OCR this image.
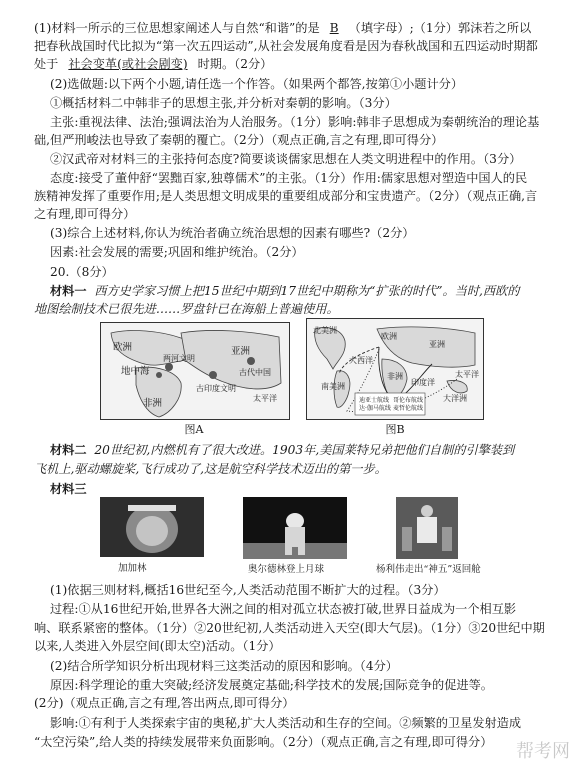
(1)材料一所示的三位思想家阐述人与自然“和谐”的是 B （填字母）;（1分）郭沫若之所以
把春秋战国时代比拟为“第一次五四运动”,从社会发展角度看是因为春秋战国和五四运动时期都
处于 社会变革(或社会剧变) 时期。（2分）
(2)选做题:以下两个小题,请任选一个作答。（如果两个都答,按第①小题计分）
①概括材料二中韩非子的思想主张,并分析对秦朝的影响。（3分）
主张:重视法律、法治;强调法治为人治服务。（1分）影响:韩非子思想成为秦朝统治的理论基
础,但严刑峻法也导致了秦朝的覆亡。（2分）（观点正确,言之有理,即可得分）
②汉武帝对材料三的主张持何态度?简要谈谈儒家思想在人类文明进程中的作用。（3分）
态度:接受了董仲舒“罢黜百家,独尊儒术”的主张。（1分）作用:儒家思想对塑造中国人的民
族精神发挥了重要作用;是人类思想文明成果的重要组成部分和宝贵遗产。（2分）（观点正确,言
之有理,即可得分）
(3)综合上述材料,你认为统治者确立统治思想的因素有哪些?（2分）
因素:社会发展的需要;巩固和维护统治。（2分）
20.（8分）
材料一 西方史学家习惯上把15世纪中期到17世纪中期称为“扩张的时代”。当时,西欧的
地图绘制技术已很先进……罗盘针已在海船上普遍使用。
欧洲	亚洲
非洲
地中海
两河文明
古印度文明
太平洋
古代中国
图A
北美洲
欧洲
亚洲
非洲
大西洋
南美洲	印度洋
大洋洲
太平洋
迪亚士航线
达·伽马航线
哥伦布航线
麦哲伦航线
图B
材料二 20世纪初,内燃机有了很大改进。1903年,美国莱特兄弟把他们自制的引擎装到
飞机上,驱动螺旋桨,飞行成功了,这是航空科学技术迈出的第一步。
材料三
加加林	奥尔德林登上月球	杨利伟走出“神五”返回舱
(1)依据三则材料,概括16世纪至今,人类活动范围不断扩大的过程。（3分）
过程:①从16世纪开始,世界各大洲之间的相对孤立状态被打破,世界日益成为一个相互影
响、联系紧密的整体。（1分）②20世纪初,人类活动进入天空(即大气层)。（1分）③20世纪中期
以来,人类进入外层空间(即太空)活动。（1分）
(2)结合所学知识分析出现材料三这类活动的原因和影响。（4分）
原因:科学理论的重大突破;经济发展奠定基础;科学技术的发展;国际竞争的促进等。
(2分)（观点正确,言之有理,答出两点,即可得分）
影响:①有利于人类探索宇宙的奥秘,扩大人类活动和生存的空间。②频繁的卫星发射造成
“太空污染”,给人类的持续发展带来负面影响。（2分）（观点正确,言之有理,即可得分）	帮考网
